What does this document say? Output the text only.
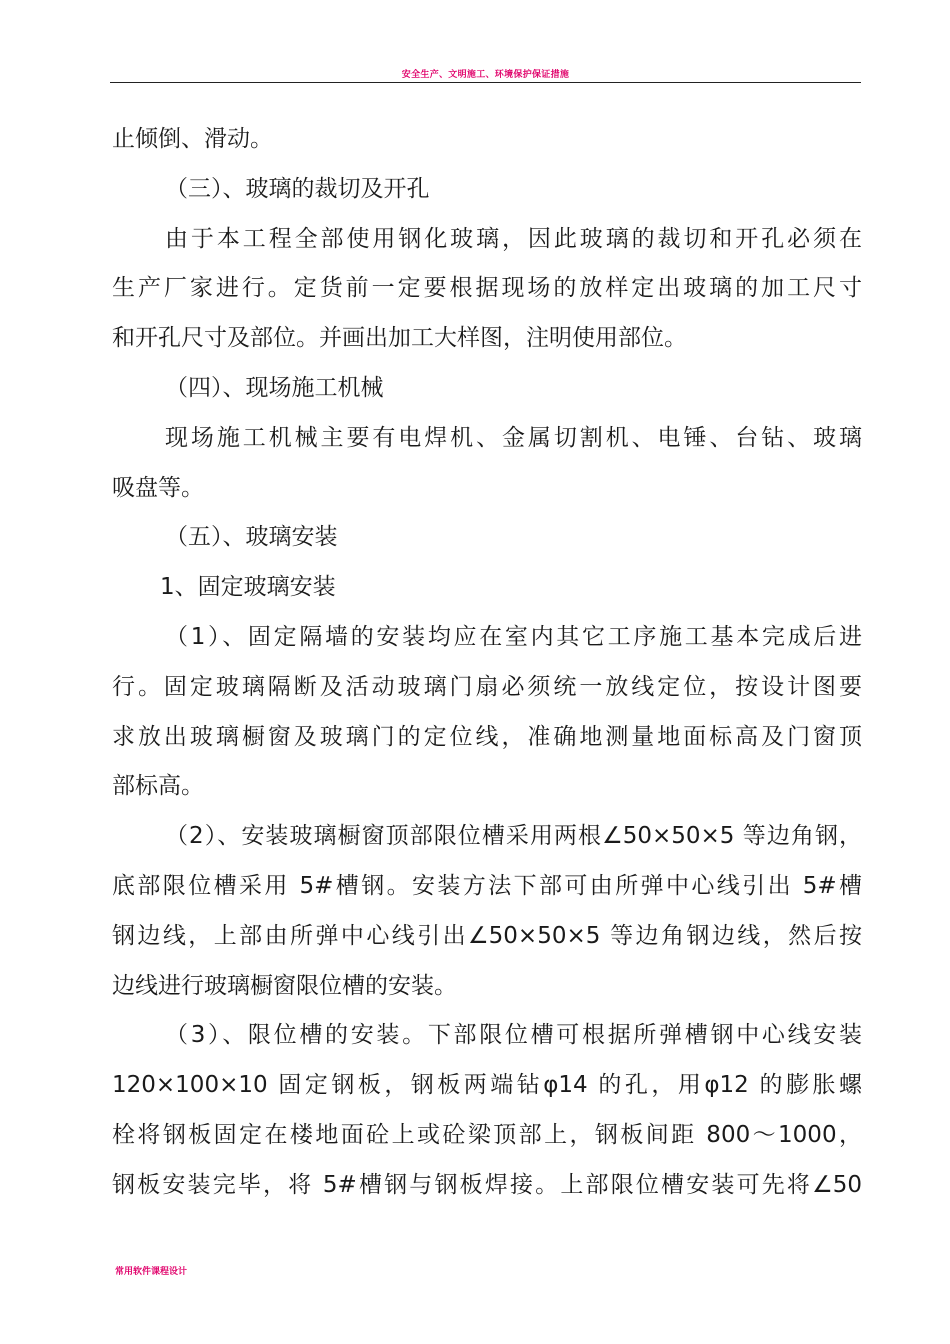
安全生产、文明施工、环境保护保证措施
止倾倒、滑动。
（三）、玻璃的裁切及开孔
由于本工程全部使用钢化玻璃，因此玻璃的裁切和开孔必须在
生产厂家进行。定货前一定要根据现场的放样定出玻璃的加工尺寸
和开孔尺寸及部位。并画出加工大样图，注明使用部位。
（四）、现场施工机械
现场施工机械主要有电焊机、金属切割机、电锤、台钻、玻璃
吸盘等。
（五）、玻璃安装
1、固定玻璃安装
（1）、固定隔墙的安装均应在室内其它工序施工基本完成后进
行。固定玻璃隔断及活动玻璃门扇必须统一放线定位，按设计图要
求放出玻璃橱窗及玻璃门的定位线，准确地测量地面标高及门窗顶
部标高。
（2）、安装玻璃橱窗顶部限位槽采用两根∠50×50×5 等边角钢，
底部限位槽采用 5#槽钢。安装方法下部可由所弹中心线引出 5#槽
钢边线，上部由所弹中心线引出∠50×50×5 等边角钢边线，然后按
边线进行玻璃橱窗限位槽的安装。
（3）、限位槽的安装。下部限位槽可根据所弹槽钢中心线安装
120×100×10 固定钢板，钢板两端钻φ14 的孔，用φ12 的膨胀螺
栓将钢板固定在楼地面砼上或砼梁顶部上，钢板间距 800～1000，
钢板安装完毕，将 5#槽钢与钢板焊接。上部限位槽安装可先将∠50
常用软件课程设计
